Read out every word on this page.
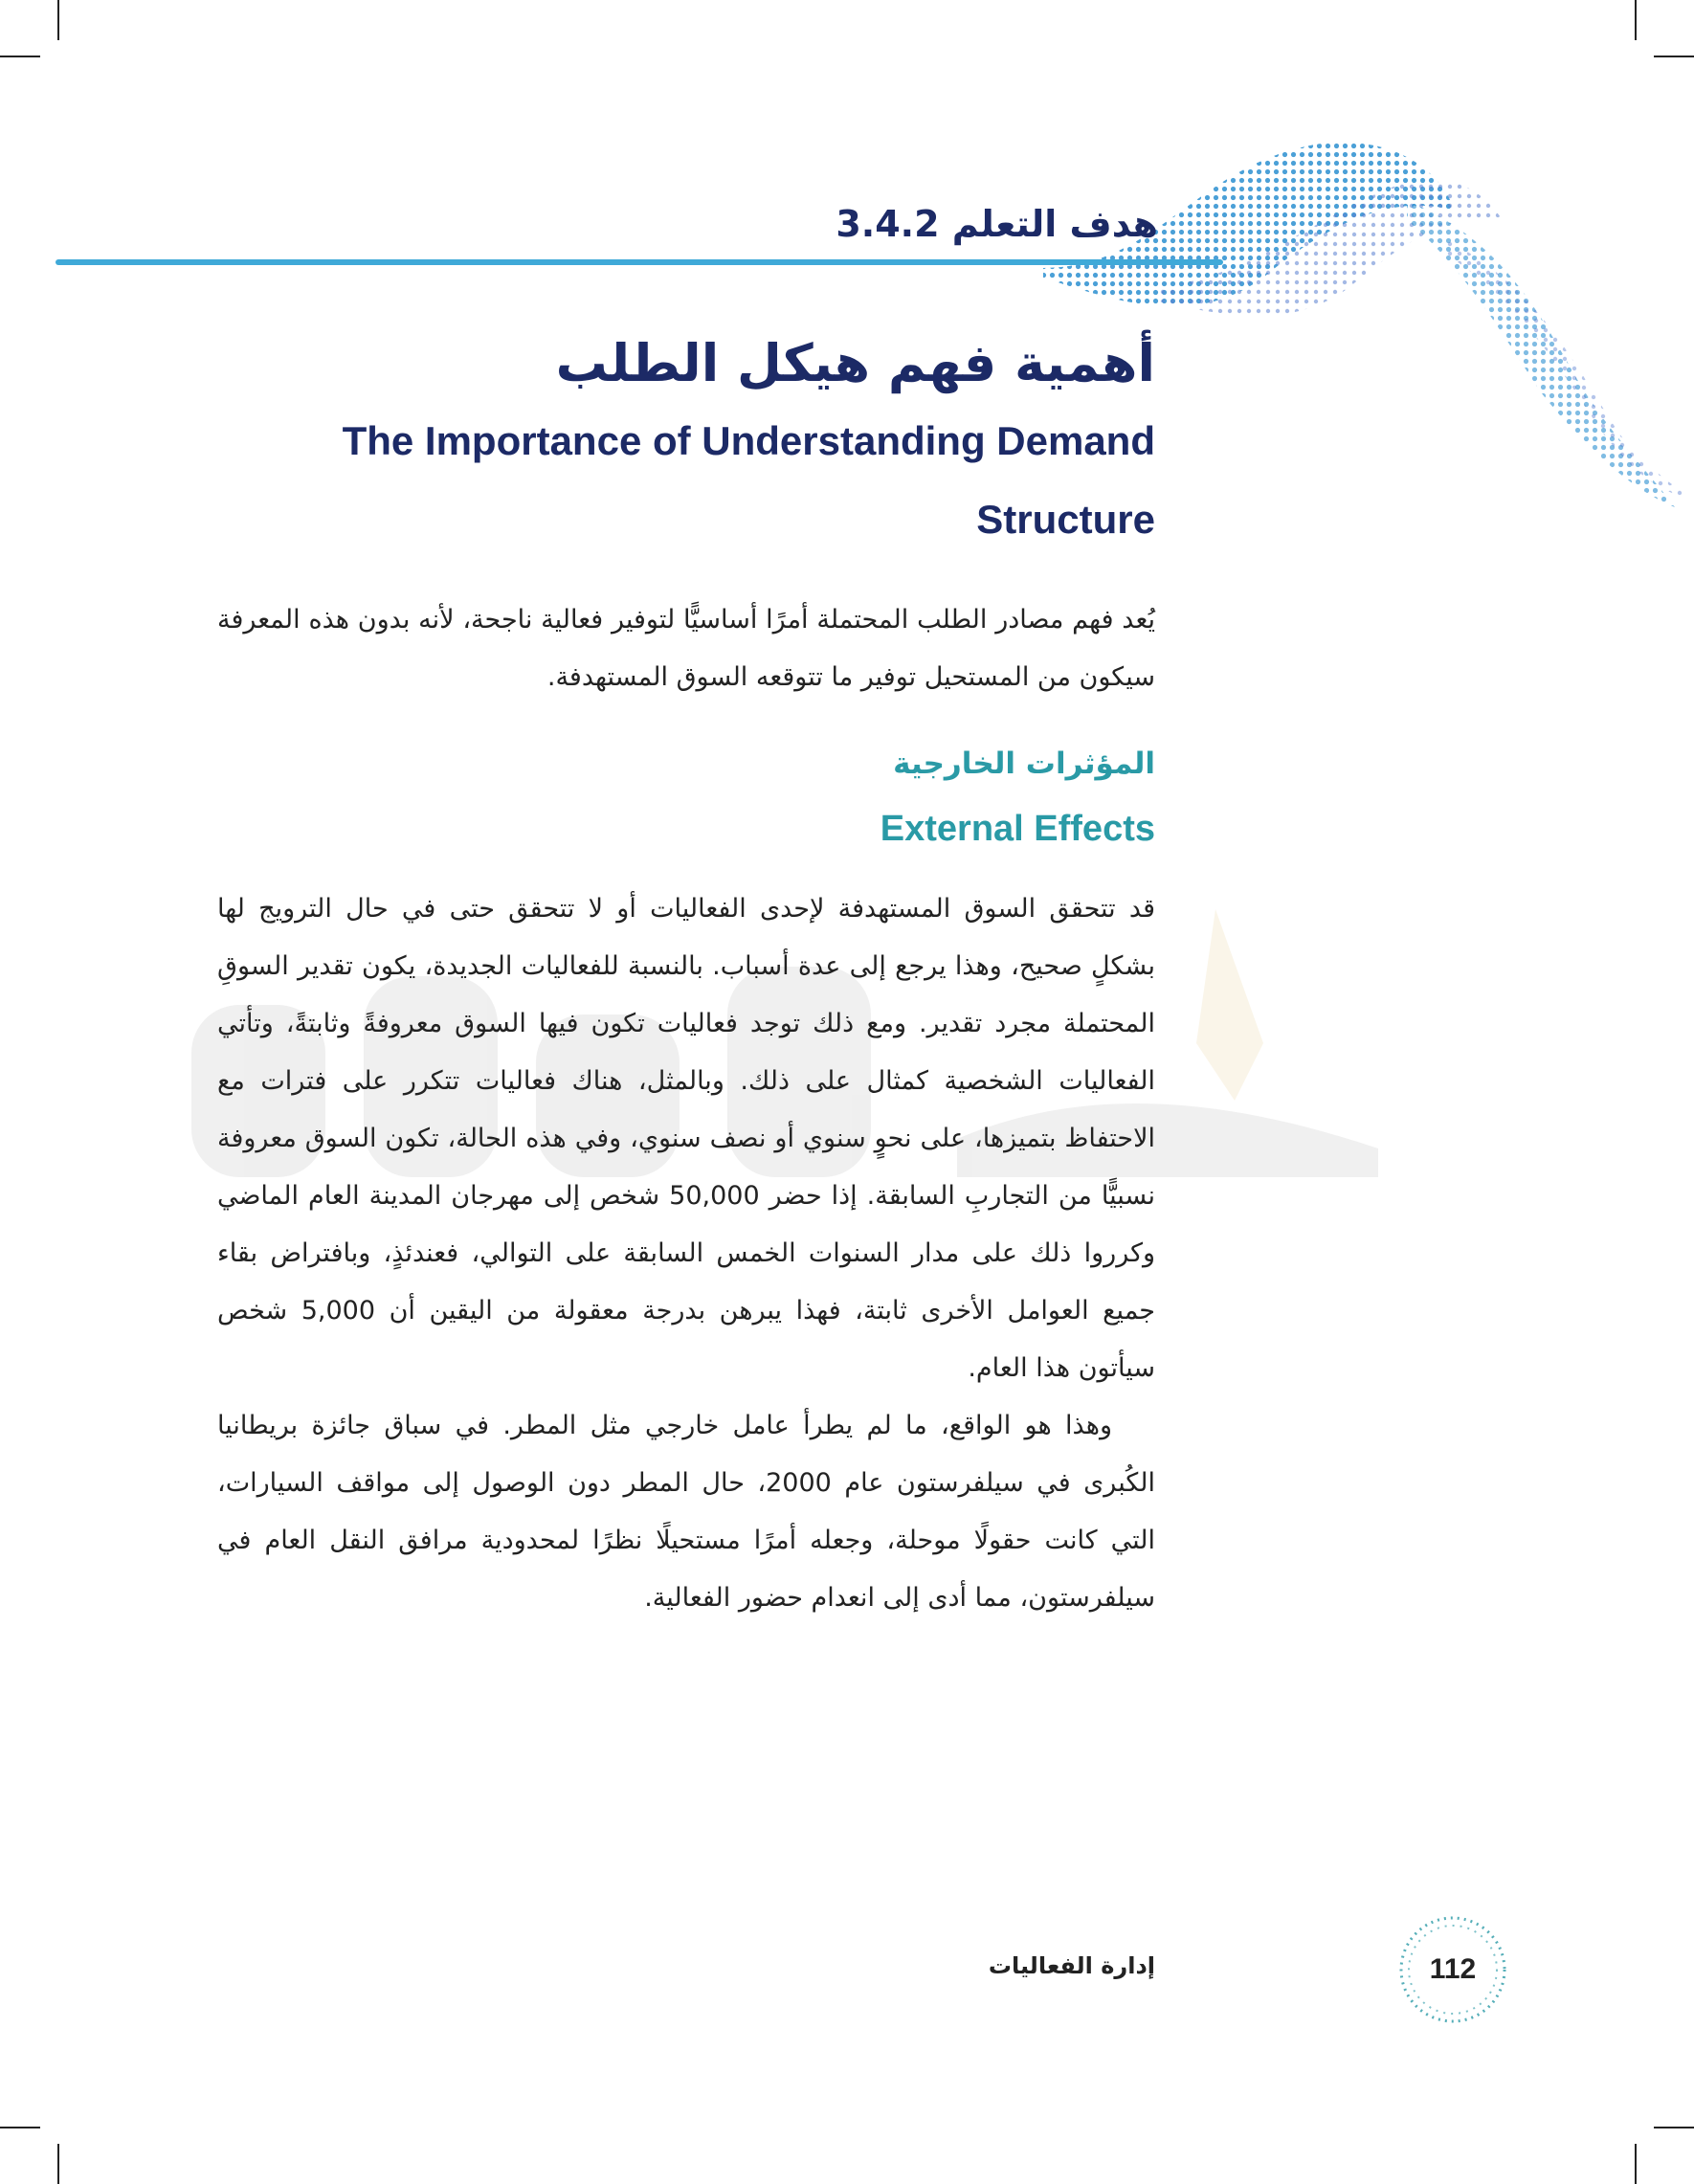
هدف التعلم 3.4.2
أهمية فهم هيكل الطلب
The Importance of Understanding Demand Structure

يُعد فهم مصادر الطلب المحتملة أمرًا أساسيًّا لتوفير فعالية ناجحة، لأنه بدون هذه المعرفة سيكون من المستحيل توفير ما تتوقعه السوق المستهدفة.

المؤثرات الخارجية
External Effects

قد تتحقق السوق المستهدفة لإحدى الفعاليات أو لا تتحقق حتى في حال الترويج لها بشكلٍ صحيح، وهذا يرجع إلى عدة أسباب. بالنسبة للفعاليات الجديدة، يكون تقدير السوقِ المحتملة مجرد تقدير. ومع ذلك توجد فعاليات تكون فيها السوق معروفةً وثابتةً، وتأتي الفعاليات الشخصية كمثال على ذلك. وبالمثل، هناك فعاليات تتكرر على فترات مع الاحتفاظ بتميزها، على نحوٍ سنوي أو نصف سنوي، وفي هذه الحالة، تكون السوق معروفة نسبيًّا من التجاربِ السابقة. إذا حضر 50,000 شخص إلى مهرجان المدينة العام الماضي وكرروا ذلك على مدار السنوات الخمس السابقة على التوالي، فعندئذٍ، وبافتراض بقاء جميع العوامل الأخرى ثابتة، فهذا يبرهن بدرجة معقولة من اليقين أن 5,000 شخص سيأتون هذا العام.

وهذا هو الواقع، ما لم يطرأ عامل خارجي مثل المطر. في سباق جائزة بريطانيا الكُبرى في سيلفرستون عام 2000، حال المطر دون الوصول إلى مواقف السيارات، التي كانت حقولًا موحلة، وجعله أمرًا مستحيلًا نظرًا لمحدودية مرافق النقل العام في سيلفرستون، مما أدى إلى انعدام حضور الفعالية.

112
إدارة الفعاليات
